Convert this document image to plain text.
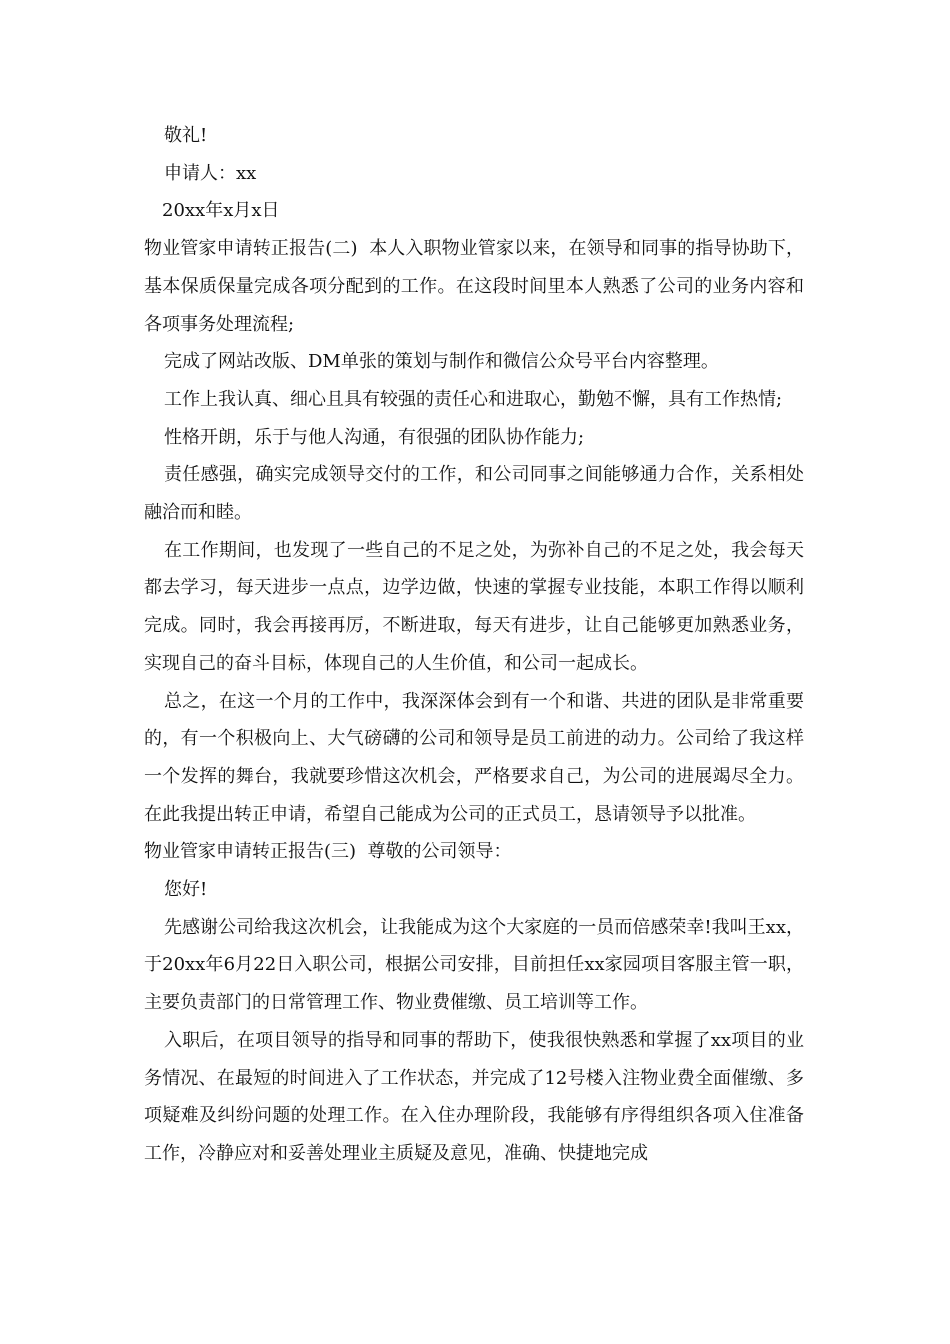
敬礼!

申请人：xx

20xx年x月x日

物业管家申请转正报告(二)  本人入职物业管家以来，在领导和同事的指导协助下，基本保质保量完成各项分配到的工作。在这段时间里本人熟悉了公司的业务内容和各项事务处理流程;

完成了网站改版、DM单张的策划与制作和微信公众号平台内容整理。

工作上我认真、细心且具有较强的责任心和进取心，勤勉不懈，具有工作热情;

性格开朗，乐于与他人沟通，有很强的团队协作能力;

责任感强，确实完成领导交付的工作，和公司同事之间能够通力合作，关系相处融洽而和睦。

在工作期间，也发现了一些自己的不足之处，为弥补自己的不足之处，我会每天都去学习，每天进步一点点，边学边做，快速的掌握专业技能，本职工作得以顺利完成。同时，我会再接再厉，不断进取，每天有进步，让自己能够更加熟悉业务，实现自己的奋斗目标，体现自己的人生价值，和公司一起成长。

总之，在这一个月的工作中，我深深体会到有一个和谐、共进的团队是非常重要的，有一个积极向上、大气磅礴的公司和领导是员工前进的动力。公司给了我这样一个发挥的舞台，我就要珍惜这次机会，严格要求自己，为公司的进展竭尽全力。在此我提出转正申请，希望自己能成为公司的正式员工，恳请领导予以批准。

物业管家申请转正报告(三)  尊敬的公司领导：

您好!

先感谢公司给我这次机会，让我能成为这个大家庭的一员而倍感荣幸!我叫王xx，于20xx年6月22日入职公司，根据公司安排，目前担任xx家园项目客服主管一职，主要负责部门的日常管理工作、物业费催缴、员工培训等工作。

入职后，在项目领导的指导和同事的帮助下，使我很快熟悉和掌握了xx项目的业务情况、在最短的时间进入了工作状态，并完成了12号楼入注物业费全面催缴、多项疑难及纠纷问题的处理工作。在入住办理阶段，我能够有序得组织各项入住准备工作，冷静应对和妥善处理业主质疑及意见，准确、快捷地完成
